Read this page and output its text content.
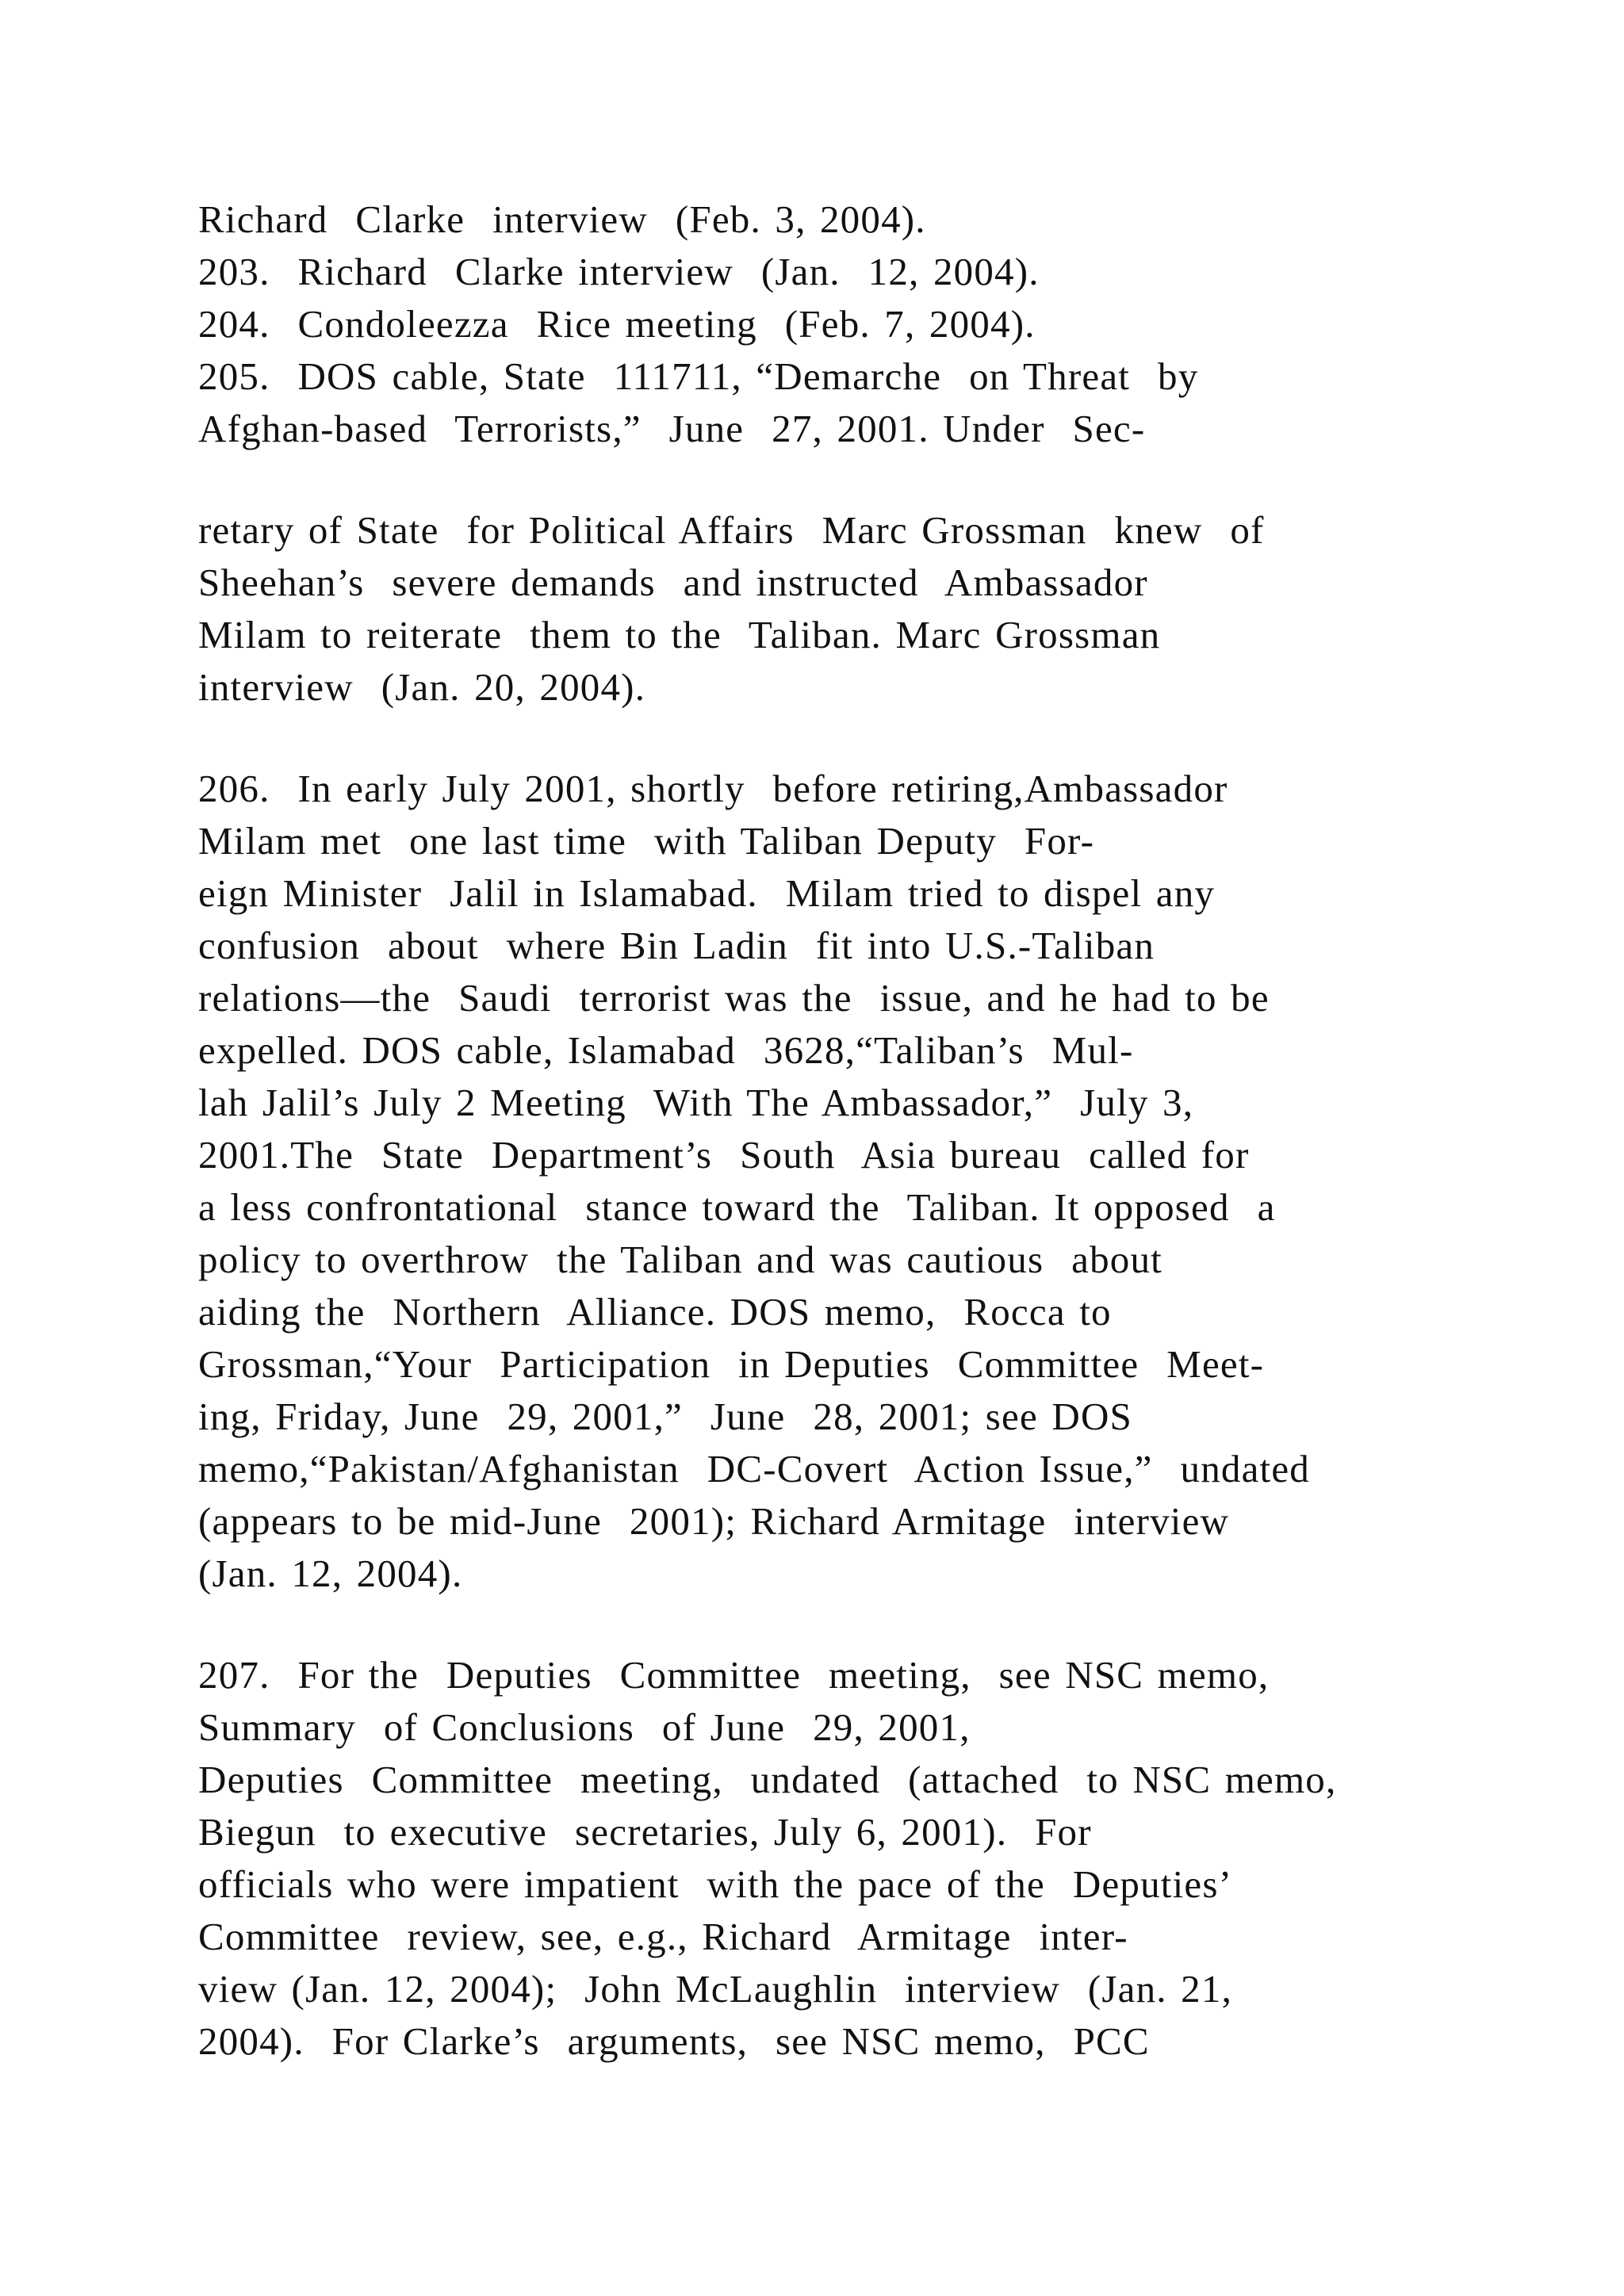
Richard  Clarke  interview  (Feb. 3, 2004).
203.  Richard  Clarke interview  (Jan.  12, 2004).
204.  Condoleezza  Rice meeting  (Feb. 7, 2004).
205.  DOS cable, State  111711, “Demarche  on Threat  by
Afghan-based  Terrorists,”  June  27, 2001. Under  Sec-
retary of State  for Political Affairs  Marc Grossman  knew  of
Sheehan’s  severe demands  and instructed  Ambassador
Milam to reiterate  them to the  Taliban. Marc Grossman
interview  (Jan. 20, 2004).
206.  In early July 2001, shortly  before retiring,Ambassador
Milam met  one last time  with Taliban Deputy  For-
eign Minister  Jalil in Islamabad.  Milam tried to dispel any
confusion  about  where Bin Ladin  fit into U.S.-Taliban
relations—the  Saudi  terrorist was the  issue, and he had to be
expelled. DOS cable, Islamabad  3628,“Taliban’s  Mul-
lah Jalil’s July 2 Meeting  With The Ambassador,”  July 3,
2001.The  State  Department’s  South  Asia bureau  called for
a less confrontational  stance toward the  Taliban. It opposed  a
policy to overthrow  the Taliban and was cautious  about
aiding the  Northern  Alliance. DOS memo,  Rocca to
Grossman,“Your  Participation  in Deputies  Committee  Meet-
ing, Friday, June  29, 2001,”  June  28, 2001; see DOS
memo,“Pakistan/Afghanistan  DC-Covert  Action Issue,”  undated
(appears to be mid-June  2001); Richard Armitage  interview
(Jan. 12, 2004).
207.  For the  Deputies  Committee  meeting,  see NSC memo,
Summary  of Conclusions  of June  29, 2001,
Deputies  Committee  meeting,  undated  (attached  to NSC memo,
Biegun  to executive  secretaries, July 6, 2001).  For
officials who were impatient  with the pace of the  Deputies’
Committee  review, see, e.g., Richard  Armitage  inter-
view (Jan. 12, 2004);  John McLaughlin  interview  (Jan. 21,
2004).  For Clarke’s  arguments,  see NSC memo,  PCC
